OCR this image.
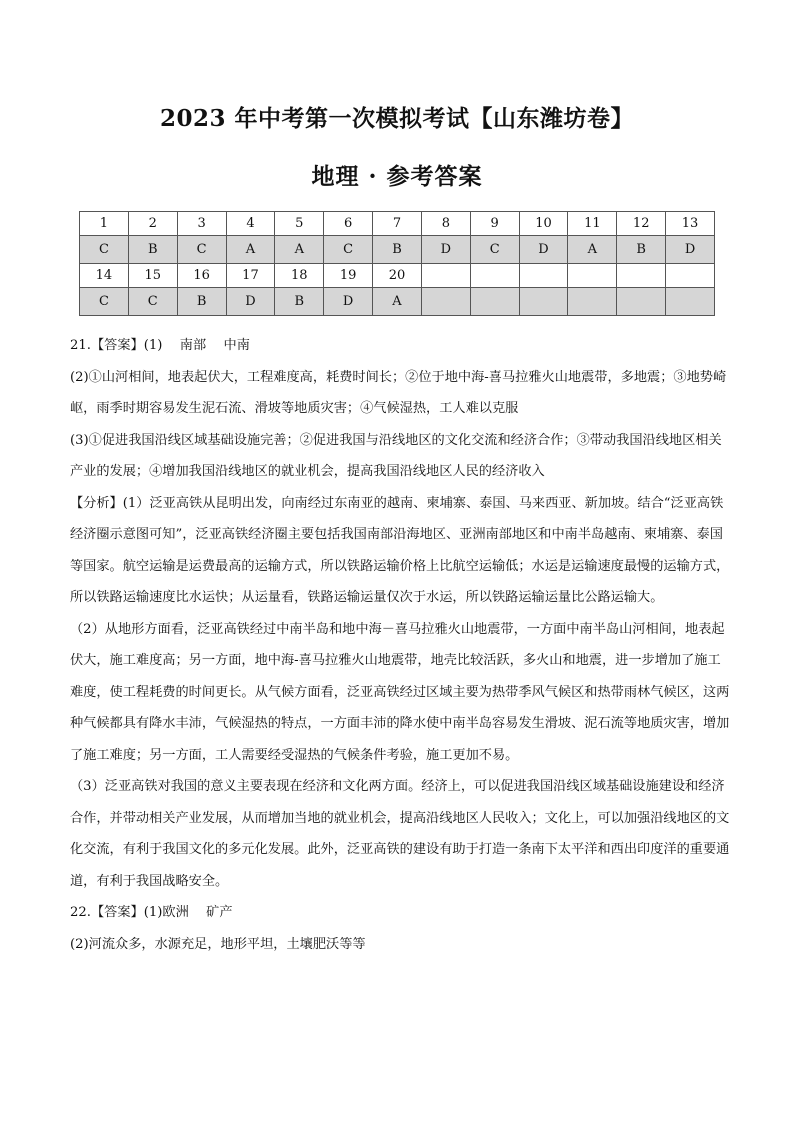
2023 年中考第一次模拟考试【山东潍坊卷】
地理 · 参考答案
1	2	3	4	5	6	7	8	9	10	11	12	13
C	B	C	A	A	C	B	D	C	D	A	B	D
14	15	16	17	18	19	20						
C	C	B	D	B	D	A						

21.【答案】(1)　 南部　 中南

(2)①山河相间，地表起伏大，工程难度高，耗费时间长；②位于地中海-喜马拉雅火山地震带，多地震；③地势崎岖，雨季时期容易发生泥石流、滑坡等地质灾害；④气候湿热，工人难以克服

(3)①促进我国沿线区域基础设施完善；②促进我国与沿线地区的文化交流和经济合作；③带动我国沿线地区相关产业的发展；④增加我国沿线地区的就业机会，提高我国沿线地区人民的经济收入

【分析】(1）泛亚高铁从昆明出发，向南经过东南亚的越南、柬埔寨、泰国、马来西亚、新加坡。结合“泛亚高铁经济圈示意图可知”，泛亚高铁经济圈主要包括我国南部沿海地区、亚洲南部地区和中南半岛越南、柬埔寨、泰国等国家。航空运输是运费最高的运输方式，所以铁路运输价格上比航空运输低；水运是运输速度最慢的运输方式，所以铁路运输速度比水运快；从运量看，铁路运输运量仅次于水运，所以铁路运输运量比公路运输大。

（2）从地形方面看，泛亚高铁经过中南半岛和地中海－喜马拉雅火山地震带，一方面中南半岛山河相间，地表起伏大，施工难度高；另一方面，地中海-喜马拉雅火山地震带，地壳比较活跃，多火山和地震，进一步增加了施工难度，使工程耗费的时间更长。从气候方面看，泛亚高铁经过区域主要为热带季风气候区和热带雨林气候区，这两种气候都具有降水丰沛，气候湿热的特点，一方面丰沛的降水使中南半岛容易发生滑坡、泥石流等地质灾害，增加了施工难度；另一方面，工人需要经受湿热的气候条件考验，施工更加不易。

（3）泛亚高铁对我国的意义主要表现在经济和文化两方面。经济上，可以促进我国沿线区域基础设施建设和经济合作，并带动相关产业发展，从而增加当地的就业机会，提高沿线地区人民收入；文化上，可以加强沿线地区的文化交流，有利于我国文化的多元化发展。此外，泛亚高铁的建设有助于打造一条南下太平洋和西出印度洋的重要通道，有利于我国战略安全。

22.【答案】(1)欧洲　 矿产

(2)河流众多，水源充足，地形平坦，土壤肥沃等等
